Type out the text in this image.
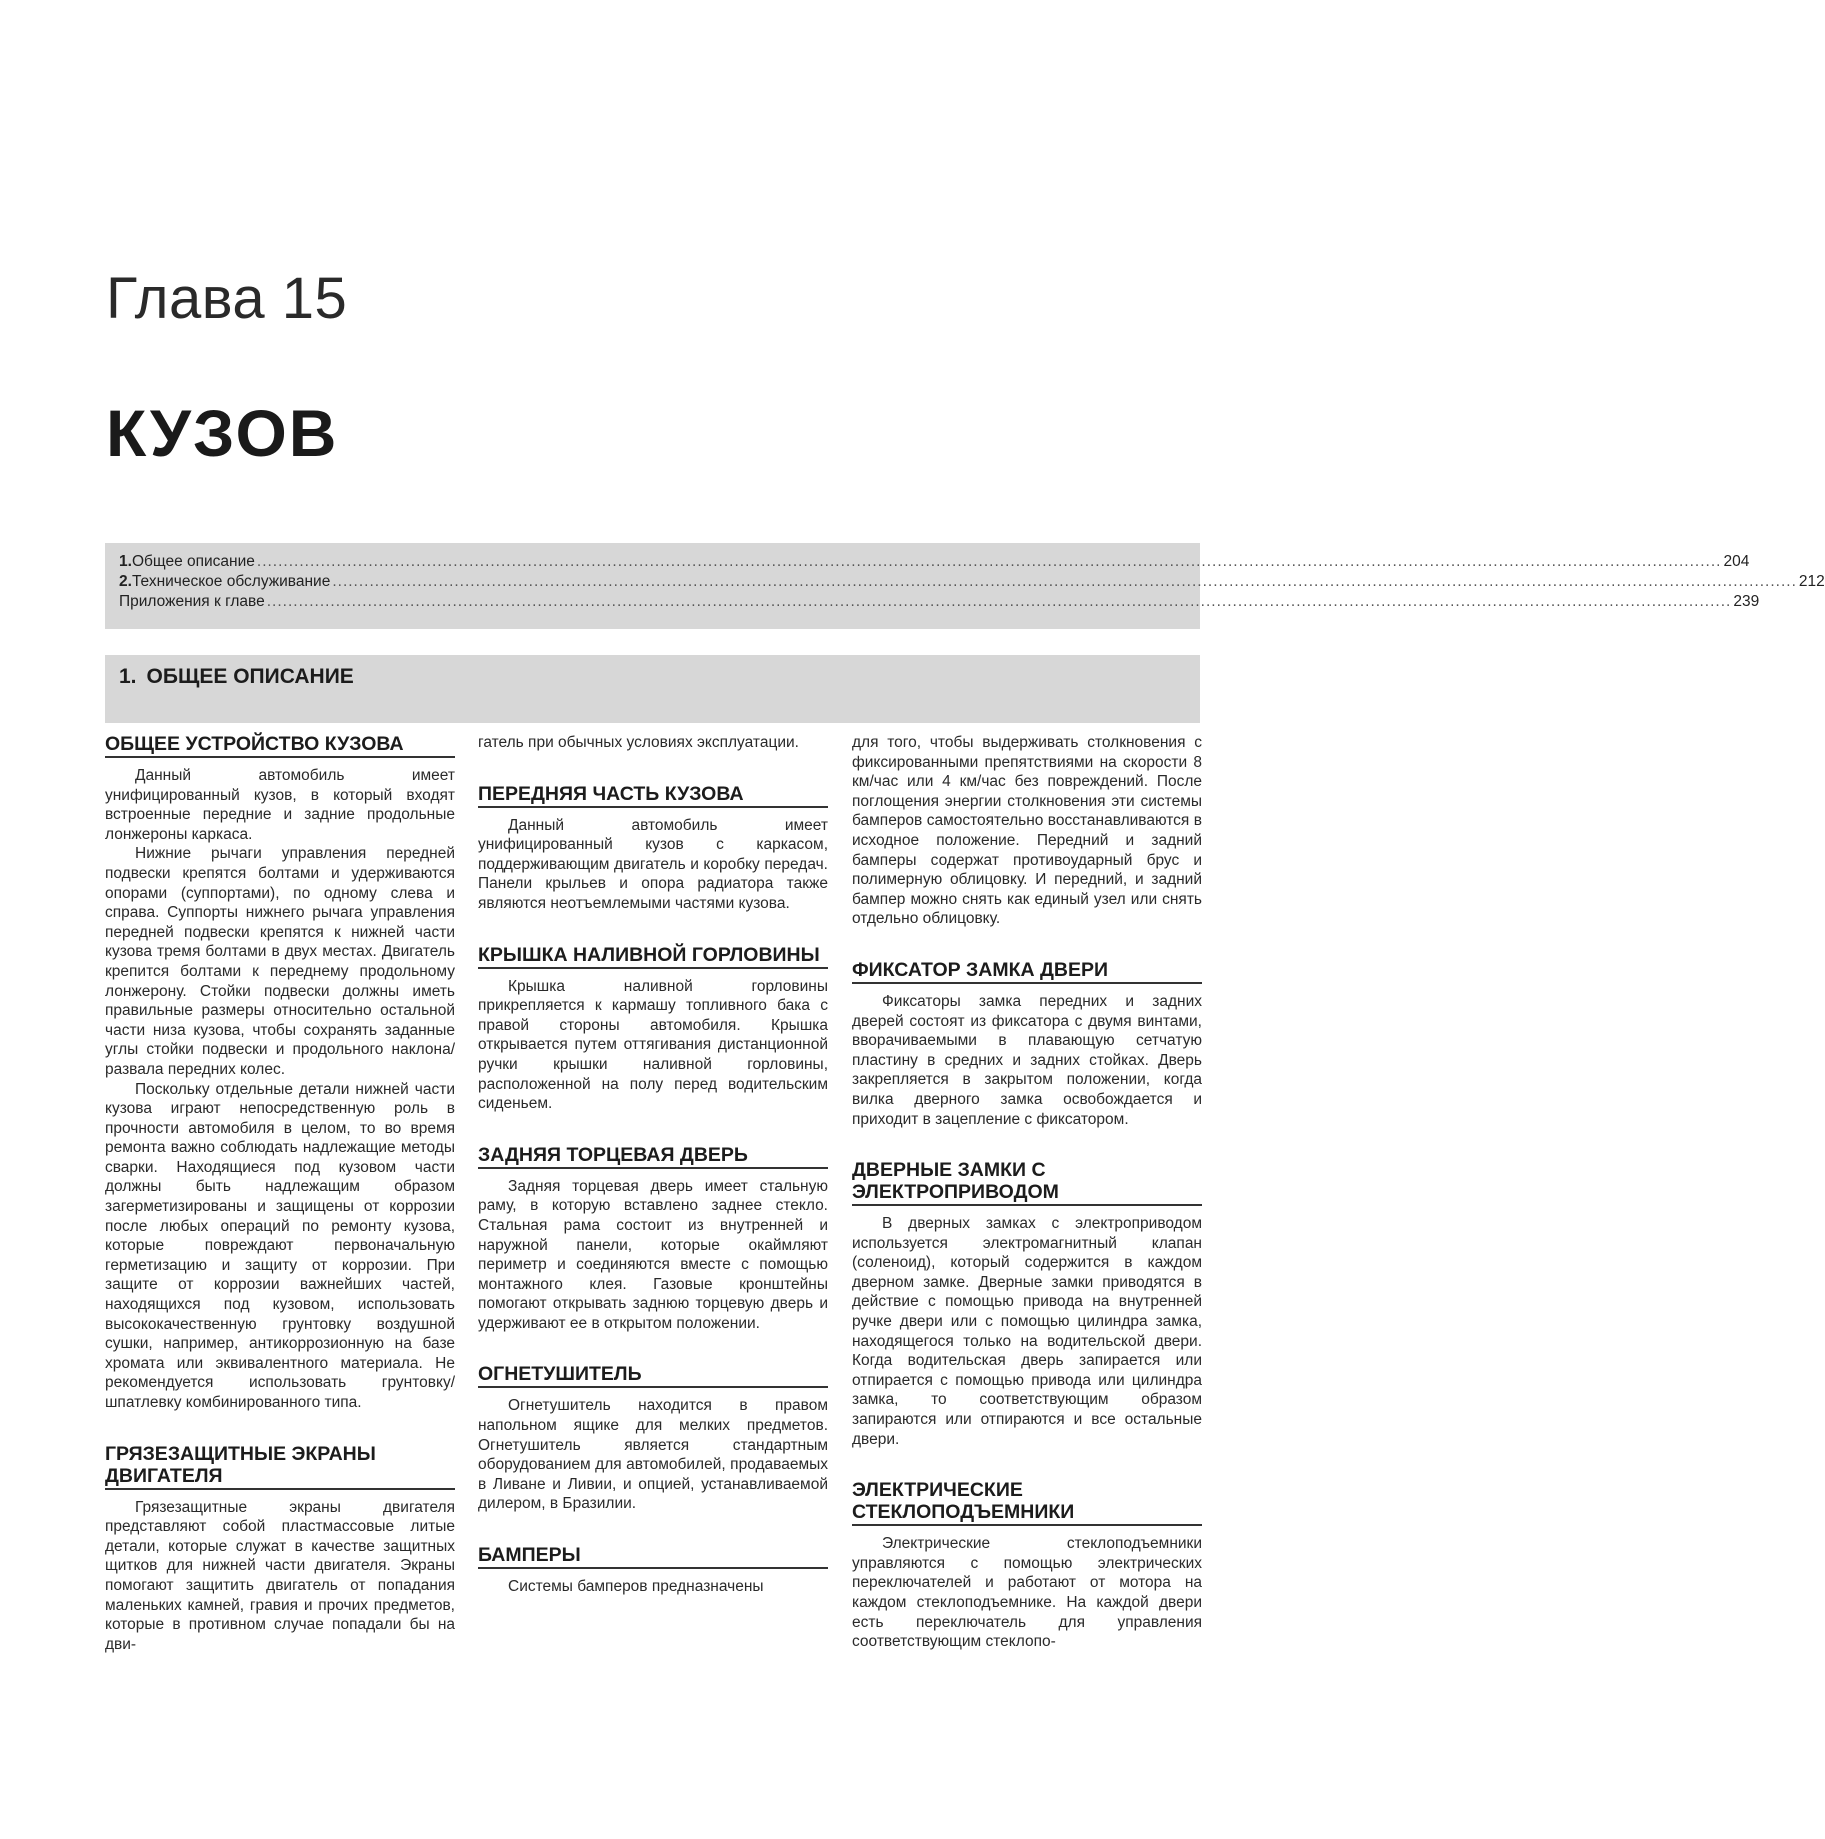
Глава 15
КУЗОВ
1. Общее описание .................................................................................................................................................................................................................................................................................... 204
2. Техническое обслуживание .................................................................................................................................................................................................................................................................................... 212
Приложения к главе .................................................................................................................................................................................................................................................................................... 239
1. ОБЩЕЕ ОПИСАНИЕ
ОБЩЕЕ УСТРОЙСТВО КУЗОВА

Данный автомобиль имеет унифицированный кузов, в который входят встроенные передние и задние продольные лонжероны каркаса.

Нижние рычаги управления передней подвески крепятся болтами и удерживаются опорами (суппортами), по одному слева и справа. Суппорты нижнего рычага управления передней подвески крепятся к нижней части кузова тремя болтами в двух местах. Двигатель крепится болтами к переднему продольному лонжерону. Стойки подвески должны иметь правильные размеры относительно остальной части низа кузова, чтобы сохранять заданные углы стойки подвески и продольного наклона/развала передних колес.

Поскольку отдельные детали нижней части кузова играют непосредственную роль в прочности автомобиля в целом, то во время ремонта важно соблюдать надлежащие методы сварки. Находящиеся под кузовом части должны быть надлежащим образом загерметизированы и защищены от коррозии после любых операций по ремонту кузова, которые повреждают первоначальную герметизацию и защиту от коррозии. При защите от коррозии важнейших частей, находящихся под кузовом, использовать высококачественную грунтовку воздушной сушки, например, антикоррозионную на базе хромата или эквивалентного материала. Не рекомендуется использовать грунтовку/шпатлевку комбинированного типа.

ГРЯЗЕЗАЩИТНЫЕ ЭКРАНЫ ДВИГАТЕЛЯ

Грязезащитные экраны двигателя представляют собой пластмассовые литые детали, которые служат в качестве защитных щитков для нижней части двигателя. Экраны помогают защитить двигатель от попадания маленьких камней, гравия и прочих предметов, которые в противном случае попадали бы на дви-

гатель при обычных условиях эксплуатации.

ПЕРЕДНЯЯ ЧАСТЬ КУЗОВА

Данный автомобиль имеет унифицированный кузов с каркасом, поддерживающим двигатель и коробку передач. Панели крыльев и опора радиатора также являются неотъемлемыми частями кузова.

КРЫШКА НАЛИВНОЙ ГОРЛОВИНЫ

Крышка наливной горловины прикрепляется к кармашу топливного бака с правой стороны автомобиля. Крышка открывается путем оттягивания дистанционной ручки крышки наливной горловины, расположенной на полу перед водительским сиденьем.

ЗАДНЯЯ ТОРЦЕВАЯ ДВЕРЬ

Задняя торцевая дверь имеет стальную раму, в которую вставлено заднее стекло. Стальная рама состоит из внутренней и наружной панели, которые окаймляют периметр и соединяются вместе с помощью монтажного клея. Газовые кронштейны помогают открывать заднюю торцевую дверь и удерживают ее в открытом положении.

ОГНЕТУШИТЕЛЬ

Огнетушитель находится в правом напольном ящике для мелких предметов. Огнетушитель является стандартным оборудованием для автомобилей, продаваемых в Ливане и Ливии, и опцией, устанавливаемой дилером, в Бразилии.

БАМПЕРЫ

Системы бамперов предназначены

для того, чтобы выдерживать столкновения с фиксированными препятствиями на скорости 8 км/час или 4 км/час без повреждений. После поглощения энергии столкновения эти системы бамперов самостоятельно восстанавливаются в исходное положение. Передний и задний бамперы содержат противоударный брус и полимерную облицовку. И передний, и задний бампер можно снять как единый узел или снять отдельно облицовку.

ФИКСАТОР ЗАМКА ДВЕРИ

Фиксаторы замка передних и задних дверей состоят из фиксатора с двумя винтами, вворачиваемыми в плавающую сетчатую пластину в средних и задних стойках. Дверь закрепляется в закрытом положении, когда вилка дверного замка освобождается и приходит в зацепление с фиксатором.

ДВЕРНЫЕ ЗАМКИ С ЭЛЕКТРОПРИВОДОМ

В дверных замках с электроприводом используется электромагнитный клапан (соленоид), который содержится в каждом дверном замке. Дверные замки приводятся в действие с помощью привода на внутренней ручке двери или с помощью цилиндра замка, находящегося только на водительской двери. Когда водительская дверь запирается или отпирается с помощью привода или цилиндра замка, то соответствующим образом запираются или отпираются и все остальные двери.

ЭЛЕКТРИЧЕСКИЕ СТЕКЛОПОДЪЕМНИКИ

Электрические стеклоподъемники управляются с помощью электрических переключателей и работают от мотора на каждом стеклоподъемнике. На каждой двери есть переключатель для управления соответствующим стеклопо-
